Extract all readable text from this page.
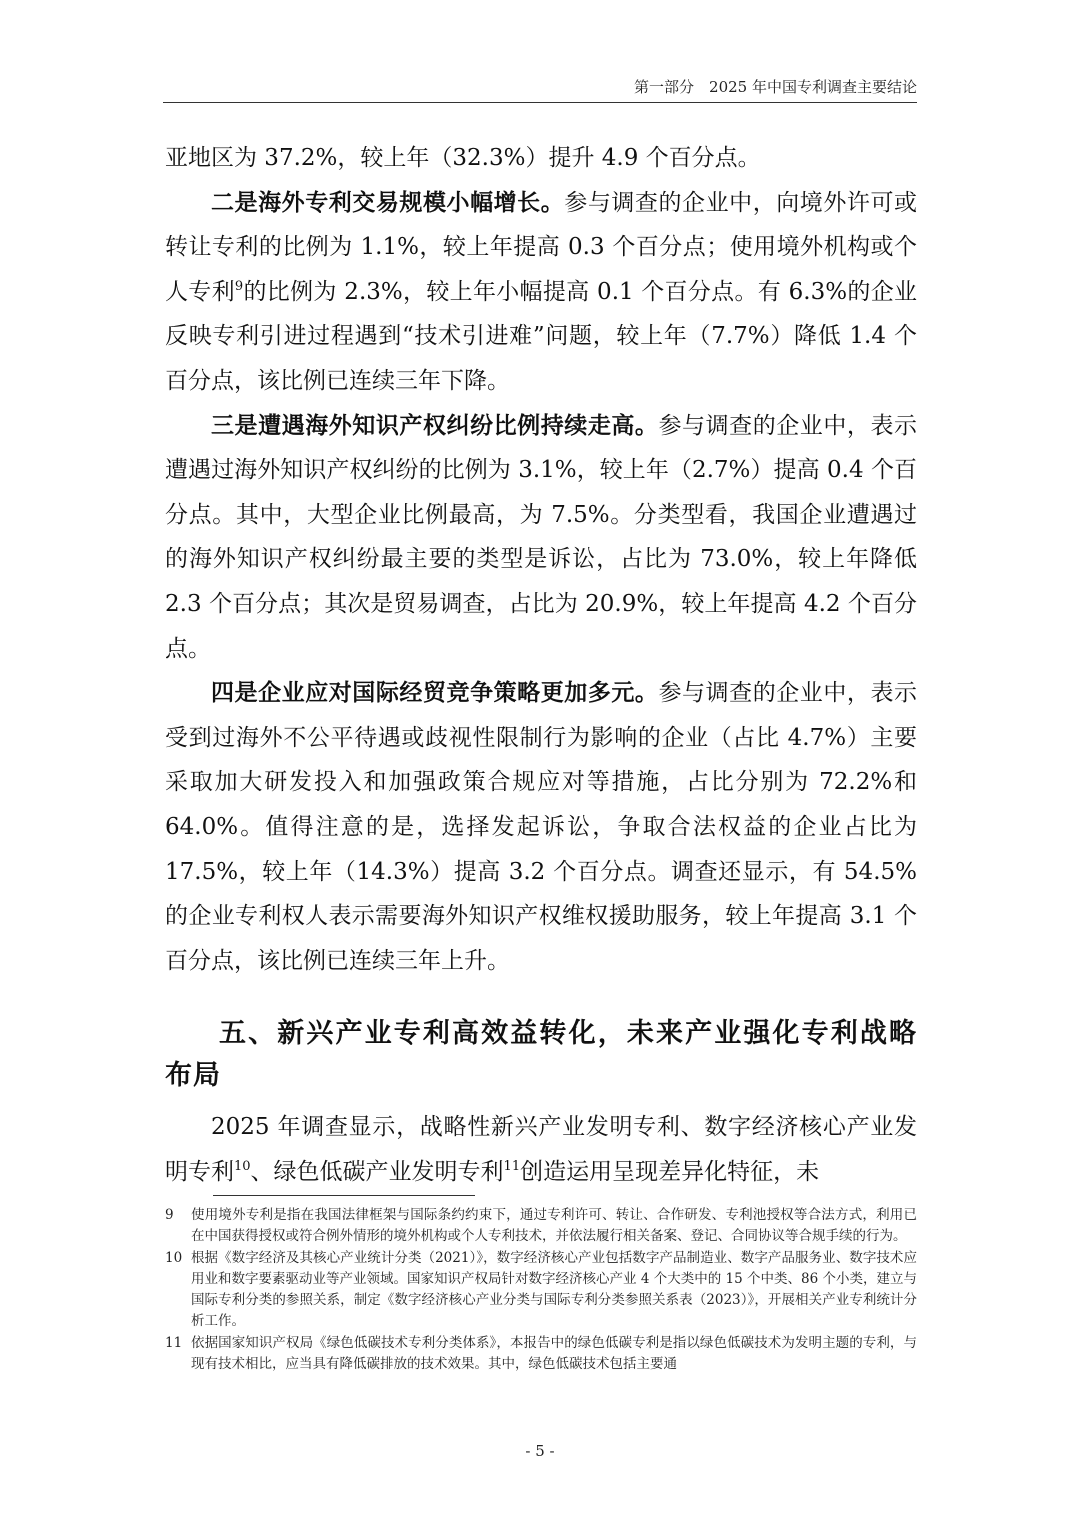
第一部分　2025 年中国专利调查主要结论

亚地区为 37.2%，较上年（32.3%）提升 4.9 个百分点。

二是海外专利交易规模小幅增长。参与调查的企业中，向境外许可或转让专利的比例为 1.1%，较上年提高 0.3 个百分点；使用境外机构或个人专利$^9$的比例为 2.3%，较上年小幅提高 0.1 个百分点。有 6.3%的企业反映专利引进过程遇到“技术引进难”问题，较上年（7.7%）降低 1.4 个百分点，该比例已连续三年下降。

三是遭遇海外知识产权纠纷比例持续走高。参与调查的企业中，表示遭遇过海外知识产权纠纷的比例为 3.1%，较上年（2.7%）提高 0.4 个百分点。其中，大型企业比例最高，为 7.5%。分类型看，我国企业遭遇过的海外知识产权纠纷最主要的类型是诉讼，占比为 73.0%，较上年降低 2.3 个百分点；其次是贸易调查，占比为 20.9%，较上年提高 4.2 个百分点。

四是企业应对国际经贸竞争策略更加多元。参与调查的企业中，表示受到过海外不公平待遇或歧视性限制行为影响的企业（占比 4.7%）主要采取加大研发投入和加强政策合规应对等措施，占比分别为 72.2%和 64.0%。值得注意的是，选择发起诉讼，争取合法权益的企业占比为 17.5%，较上年（14.3%）提高 3.2 个百分点。调查还显示，有 54.5%的企业专利权人表示需要海外知识产权维权援助服务，较上年提高 3.1 个百分点，该比例已连续三年上升。

五、新兴产业专利高效益转化，未来产业强化专利战略布局

2025 年调查显示，战略性新兴产业发明专利、数字经济核心产业发明专利$^{10}$、绿色低碳产业发明专利$^{11}$创造运用呈现差异化特征，未

9	使用境外专利是指在我国法律框架与国际条约约束下，通过专利许可、转让、合作研发、专利池授权等合法方式，利用已在中国获得授权或符合例外情形的境外机构或个人专利技术，并依法履行相关备案、登记、合同协议等合规手续的行为。
10 根据《数字经济及其核心产业统计分类（2021）》，数字经济核心产业包括数字产品制造业、数字产品服务业、数字技术应用业和数字要素驱动业等产业领域。国家知识产权局针对数字经济核心产业 4 个大类中的 15 个中类、86 个小类，建立与国际专利分类的参照关系，制定《数字经济核心产业分类与国际专利分类参照关系表（2023）》，开展相关产业专利统计分析工作。
11 依据国家知识产权局《绿色低碳技术专利分类体系》，本报告中的绿色低碳专利是指以绿色低碳技术为发明主题的专利，与现有技术相比，应当具有降低碳排放的技术效果。其中，绿色低碳技术包括主要通
- 5 -
